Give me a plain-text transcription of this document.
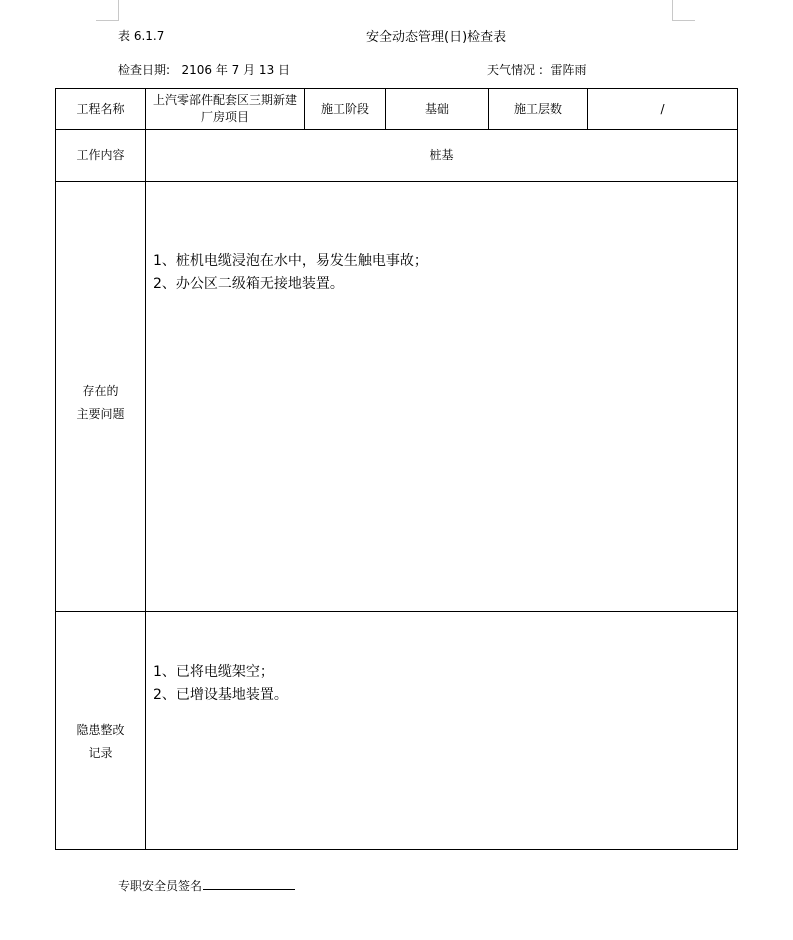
表 6.1.7	安全动态管理(日)检查表
检查日期: 2106 年 7 月 13 日	天气情况 : 雷阵雨
工程名称	上汽零部件配套区三期新建厂房项目	施工阶段	基础	施工层数	/
工作内容	桩基				

存在的
主要问题	1、桩机电缆浸泡在水中，易发生触电事故；
2、办公区二级箱无接地装置。				

隐患整改
记录	1、已将电缆架空；
2、已增设基地装置。				
专职安全员签名
